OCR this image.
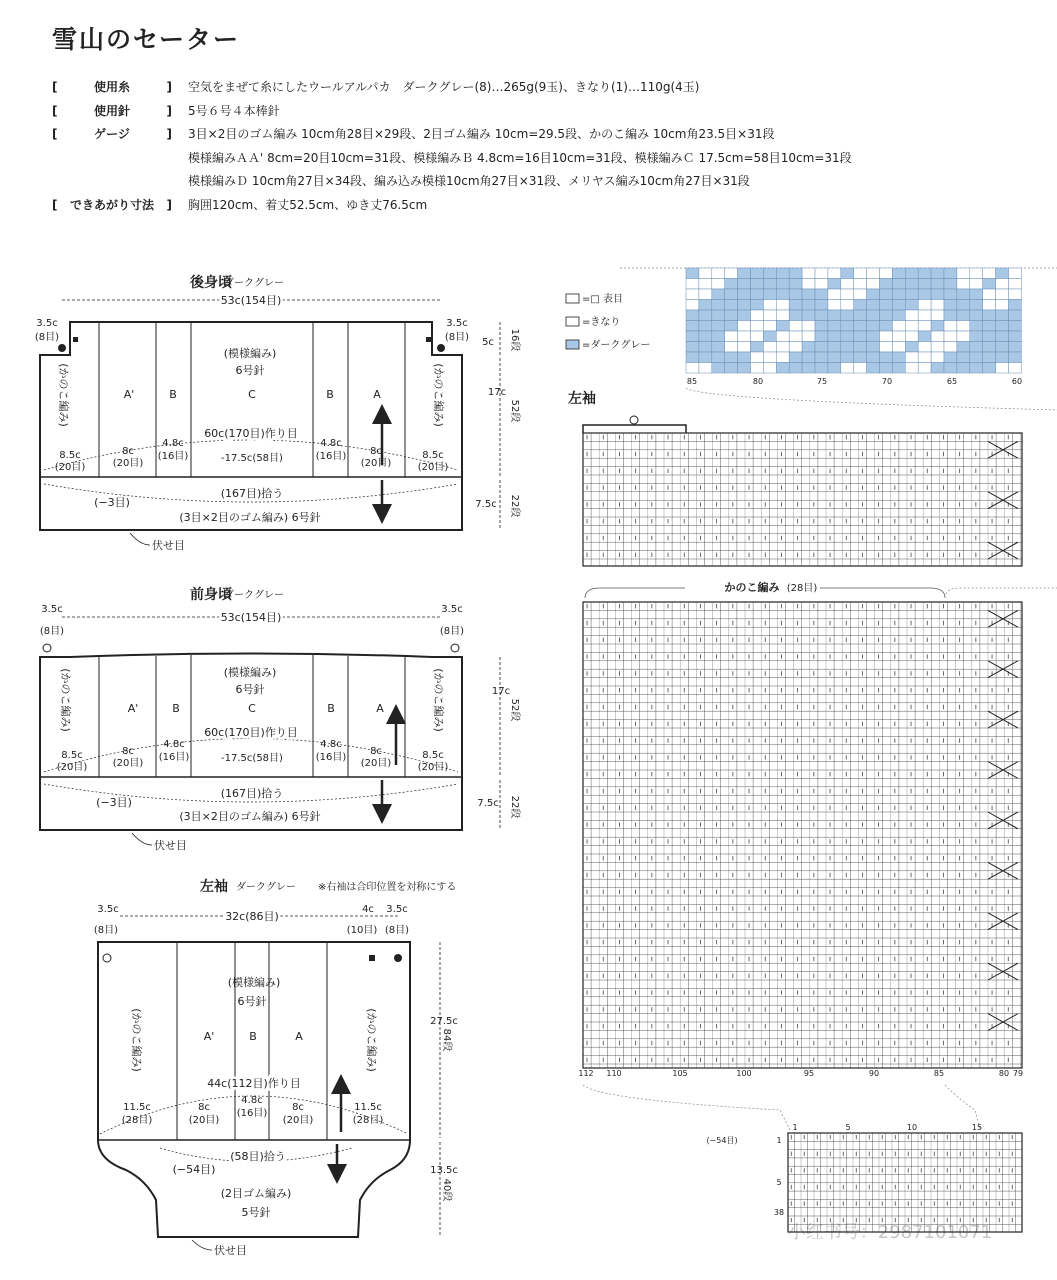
雪山のセーター
[	使用糸	]	空気をまぜて糸にしたウールアルパカ　ダークグレー(8)…265g(9玉)、きなり(1)…110g(4玉)
[	使用針	]	5号６号４本棒針
[	ゲージ	]	3目×2目のゴム編み 10cm角28目×29段、2目ゴム編み 10cm=29.5段、かのこ編み 10cm角23.5目×31段
模様編みＡＡ' 8cm=20目10cm=31段、模様編みＢ 4.8cm=16目10cm=31段、模様編みＣ 17.5cm=58目10cm=31段
模様編みＤ 10cm角27目×34段、編み込み模様10cm角27目×31段、メリヤス編み10cm角27目×31段
[ できあがり寸法 ]	胸囲120cm、着丈52.5cm、ゆき丈76.5cm
後身頃
ダークグレー
53c(154目)
3.5c
(8目)
3.5c
(8目)
(模様編み)
6号針
A'	B	C	B	A
(かのこ編み)	(かのこ編み)
60c(170目)作り目
8.5c
(20目)
8c
(20目)
4.8c
(16目)	-17.5c(58目)
4.8c
(16目) 8c
(20目)
8.5c
(20目)
(167目)拾う
(−3目)
(3目×2目のゴム編み) 6号針
伏せ目
5c 16段
17c
52段
7.5c 22段
前身頃
ダークグレー
3.5c
(8目)
3.5c
(8目)
53c(154目)
(模様編み)
6号針
A'	B	C	B	A
(かのこ編み)	(かのこ編み)
60c(170目)作り目
8.5c
(20目)
8c
(20目)
4.8c
(16目)	-17.5c(58目)
4.8c
(16目)
8c
(20目)
8.5c
(20目)
(167目)拾う
(−3目)
(3目×2目のゴム編み) 6号針
伏せ目
17c
52段
7.5c 22段
左袖 ダークグレー ※右袖は合印位置を対称にする
3.5c
(8目)
32c(86目)
4c
(10目)
3.5c
(8目)
(模様編み)
6号針
A'	B	A
(かのこ編み)	(かのこ編み)
44c(112目)作り目
11.5c
(28目)
8c
(20目)
4.8c
(16目)
8c
(20目)
11.5c
(28目)
(58目)拾う
(−54目)
(2目ゴム編み)
5号針
伏せ目
27.5c
84段
13.5c
40段
=□ 表目
=きなり
=ダークグレー
85	80	75	70	65	60
左袖
かのこ編み (28目)
112 110	105	100	95	90	85	80 79
1	5	10	15
(−54目)	1
5
38
小红书号：2987101071
